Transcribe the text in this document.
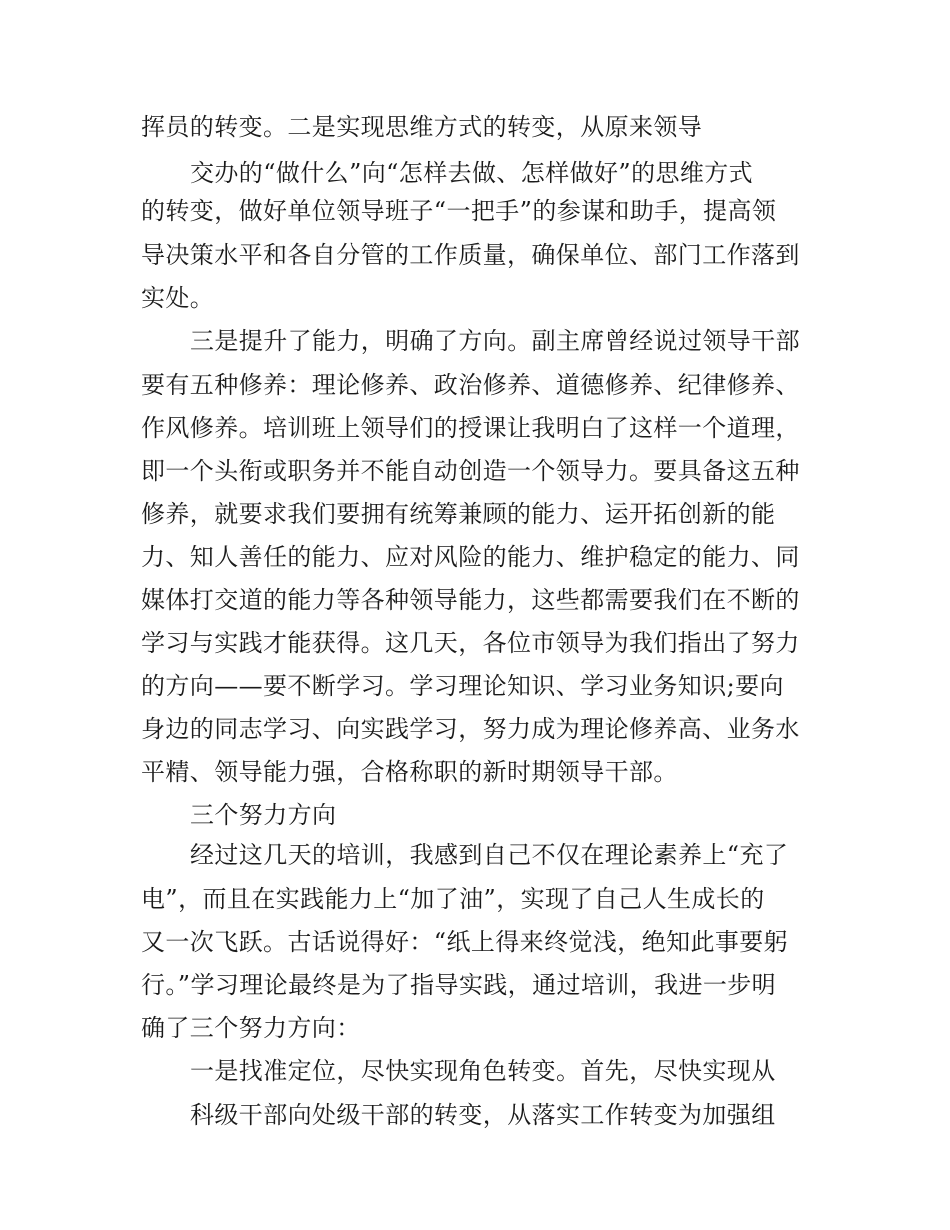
挥员的转变。二是实现思维方式的转变，从原来领导

交办的“做什么”向“怎样去做、怎样做好”的思维方式

的转变，做好单位领导班子“一把手”的参谋和助手，提高领

导决策水平和各自分管的工作质量，确保单位、部门工作落到

实处。

三是提升了能力，明确了方向。副主席曾经说过领导干部

要有五种修养：理论修养、政治修养、道德修养、纪律修养、

作风修养。培训班上领导们的授课让我明白了这样一个道理，

即一个头衔或职务并不能自动创造一个领导力。要具备这五种

修养，就要求我们要拥有统筹兼顾的能力、运开拓创新的能

力、知人善任的能力、应对风险的能力、维护稳定的能力、同

媒体打交道的能力等各种领导能力，这些都需要我们在不断的

学习与实践才能获得。这几天，各位市领导为我们指出了努力

的方向——要不断学习。学习理论知识、学习业务知识;要向

身边的同志学习、向实践学习，努力成为理论修养高、业务水

平精、领导能力强，合格称职的新时期领导干部。

三个努力方向

经过这几天的培训，我感到自己不仅在理论素养上“充了

电”，而且在实践能力上“加了油”，实现了自己人生成长的

又一次飞跃。古话说得好：“纸上得来终觉浅，绝知此事要躬

行。”学习理论最终是为了指导实践，通过培训，我进一步明

确了三个努力方向：

一是找准定位，尽快实现角色转变。首先，尽快实现从

科级干部向处级干部的转变，从落实工作转变为加强组
